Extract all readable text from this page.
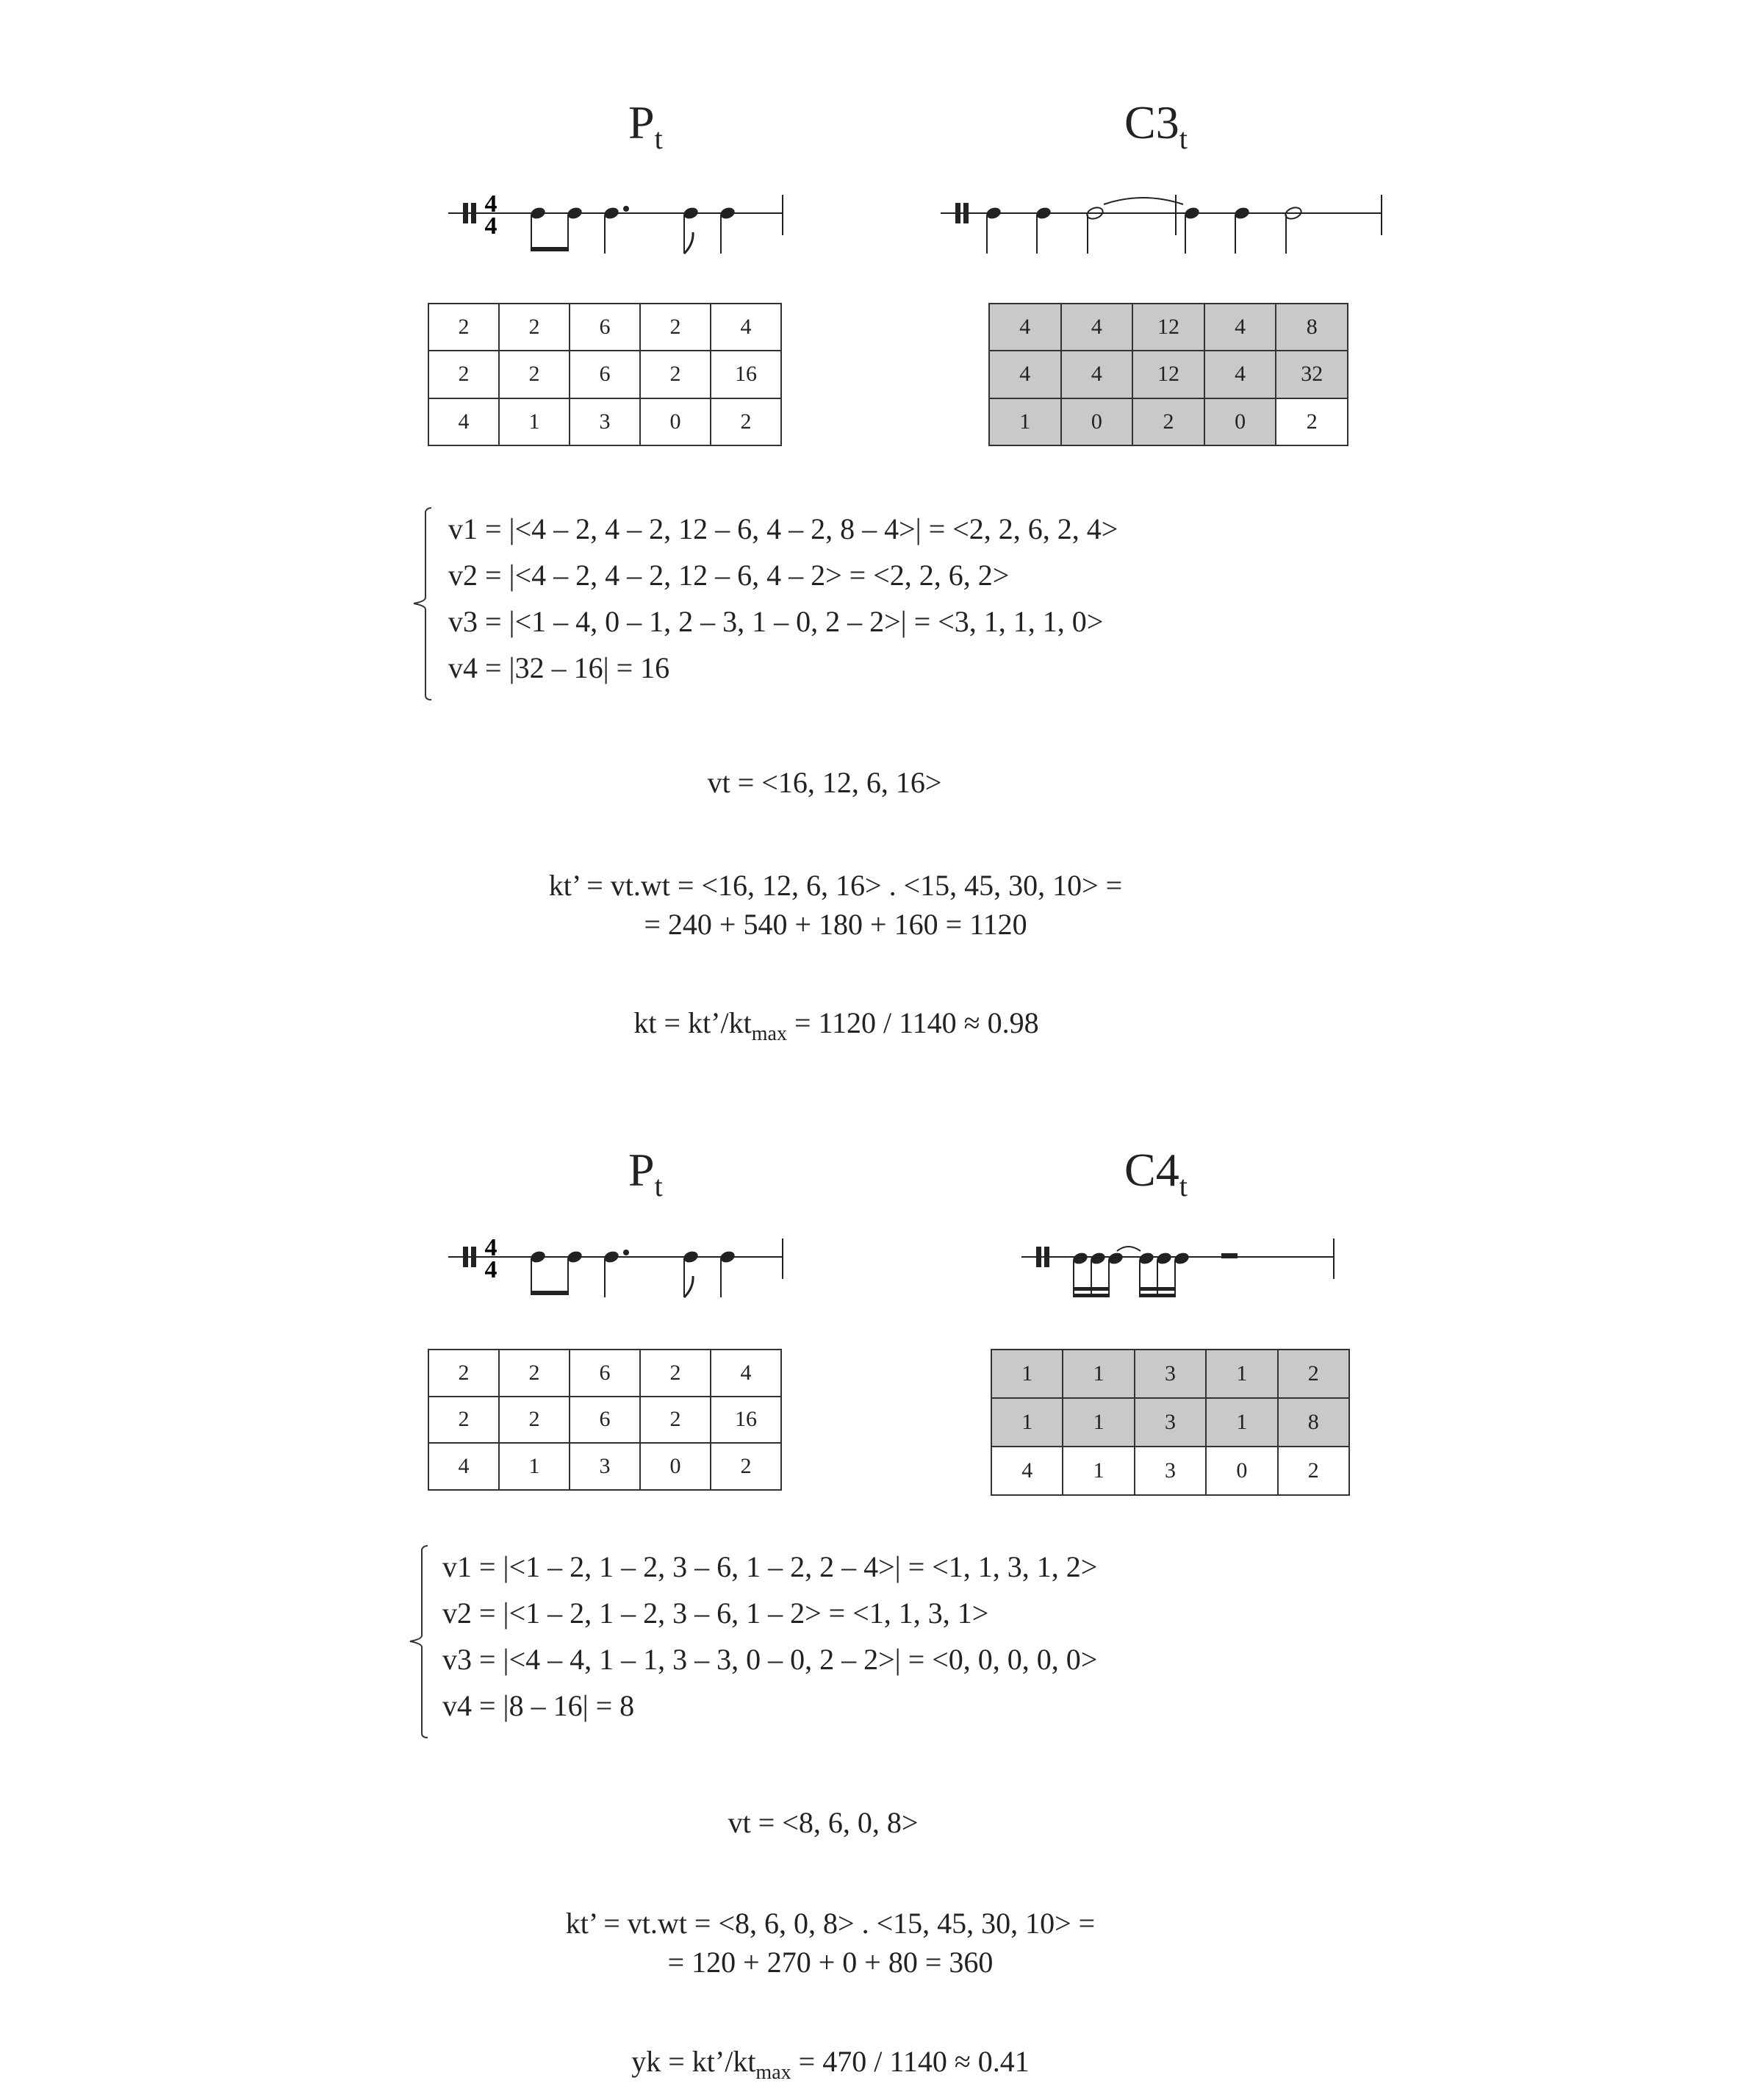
$P_t$	$C3_t$
4
4
2	2	6	2	4
2	2	6	2	16
4	1	3	0	2
4	4	12	4	8
4	4	12	4	32
1	0	2	0	2
v1 = |<4 – 2, 4 – 2, 12 – 6, 4 – 2, 8 – 4>| = <2, 2, 6, 2, 4>
v2 = |<4 – 2, 4 – 2, 12 – 6, 4 – 2> = <2, 2, 6, 2>
v3 = |<1 – 4, 0 – 1, 2 – 3, 1 – 0, 2 – 2>| = <3, 1, 1, 1, 0>
v4 = |32 – 16| = 16
vt = <16, 12, 6, 16>
kt’ = vt.wt = <16, 12, 6, 16> . <15, 45, 30, 10> =
= 240 + 540 + 180 + 160 = 1120
kt = $kt’/kt_{max} = 1120 / 1140 \approx 0.98$
$P_t$	$C4_t$
4
4
2	2	6	2	4
2	2	6	2	16
4	1	3	0	2
1	1	3	1	2
1	1	3	1	8
4	1	3	0	2
v1 = |<1 – 2, 1 – 2, 3 – 6, 1 – 2, 2 – 4>| = <1, 1, 3, 1, 2>
v2 = |<1 – 2, 1 – 2, 3 – 6, 1 – 2> = <1, 1, 3, 1>
v3 = |<4 – 4, 1 – 1, 3 – 3, 0 – 0, 2 – 2>| = <0, 0, 0, 0, 0>
v4 = |8 – 16| = 8
vt = <8, 6, 0, 8>
kt’ = vt.wt = <8, 6, 0, 8> . <15, 45, 30, 10> =
= 120 + 270 + 0 + 80 = 360
yk = $kt’/kt_{max} = 470 / 1140 \approx 0.41$
